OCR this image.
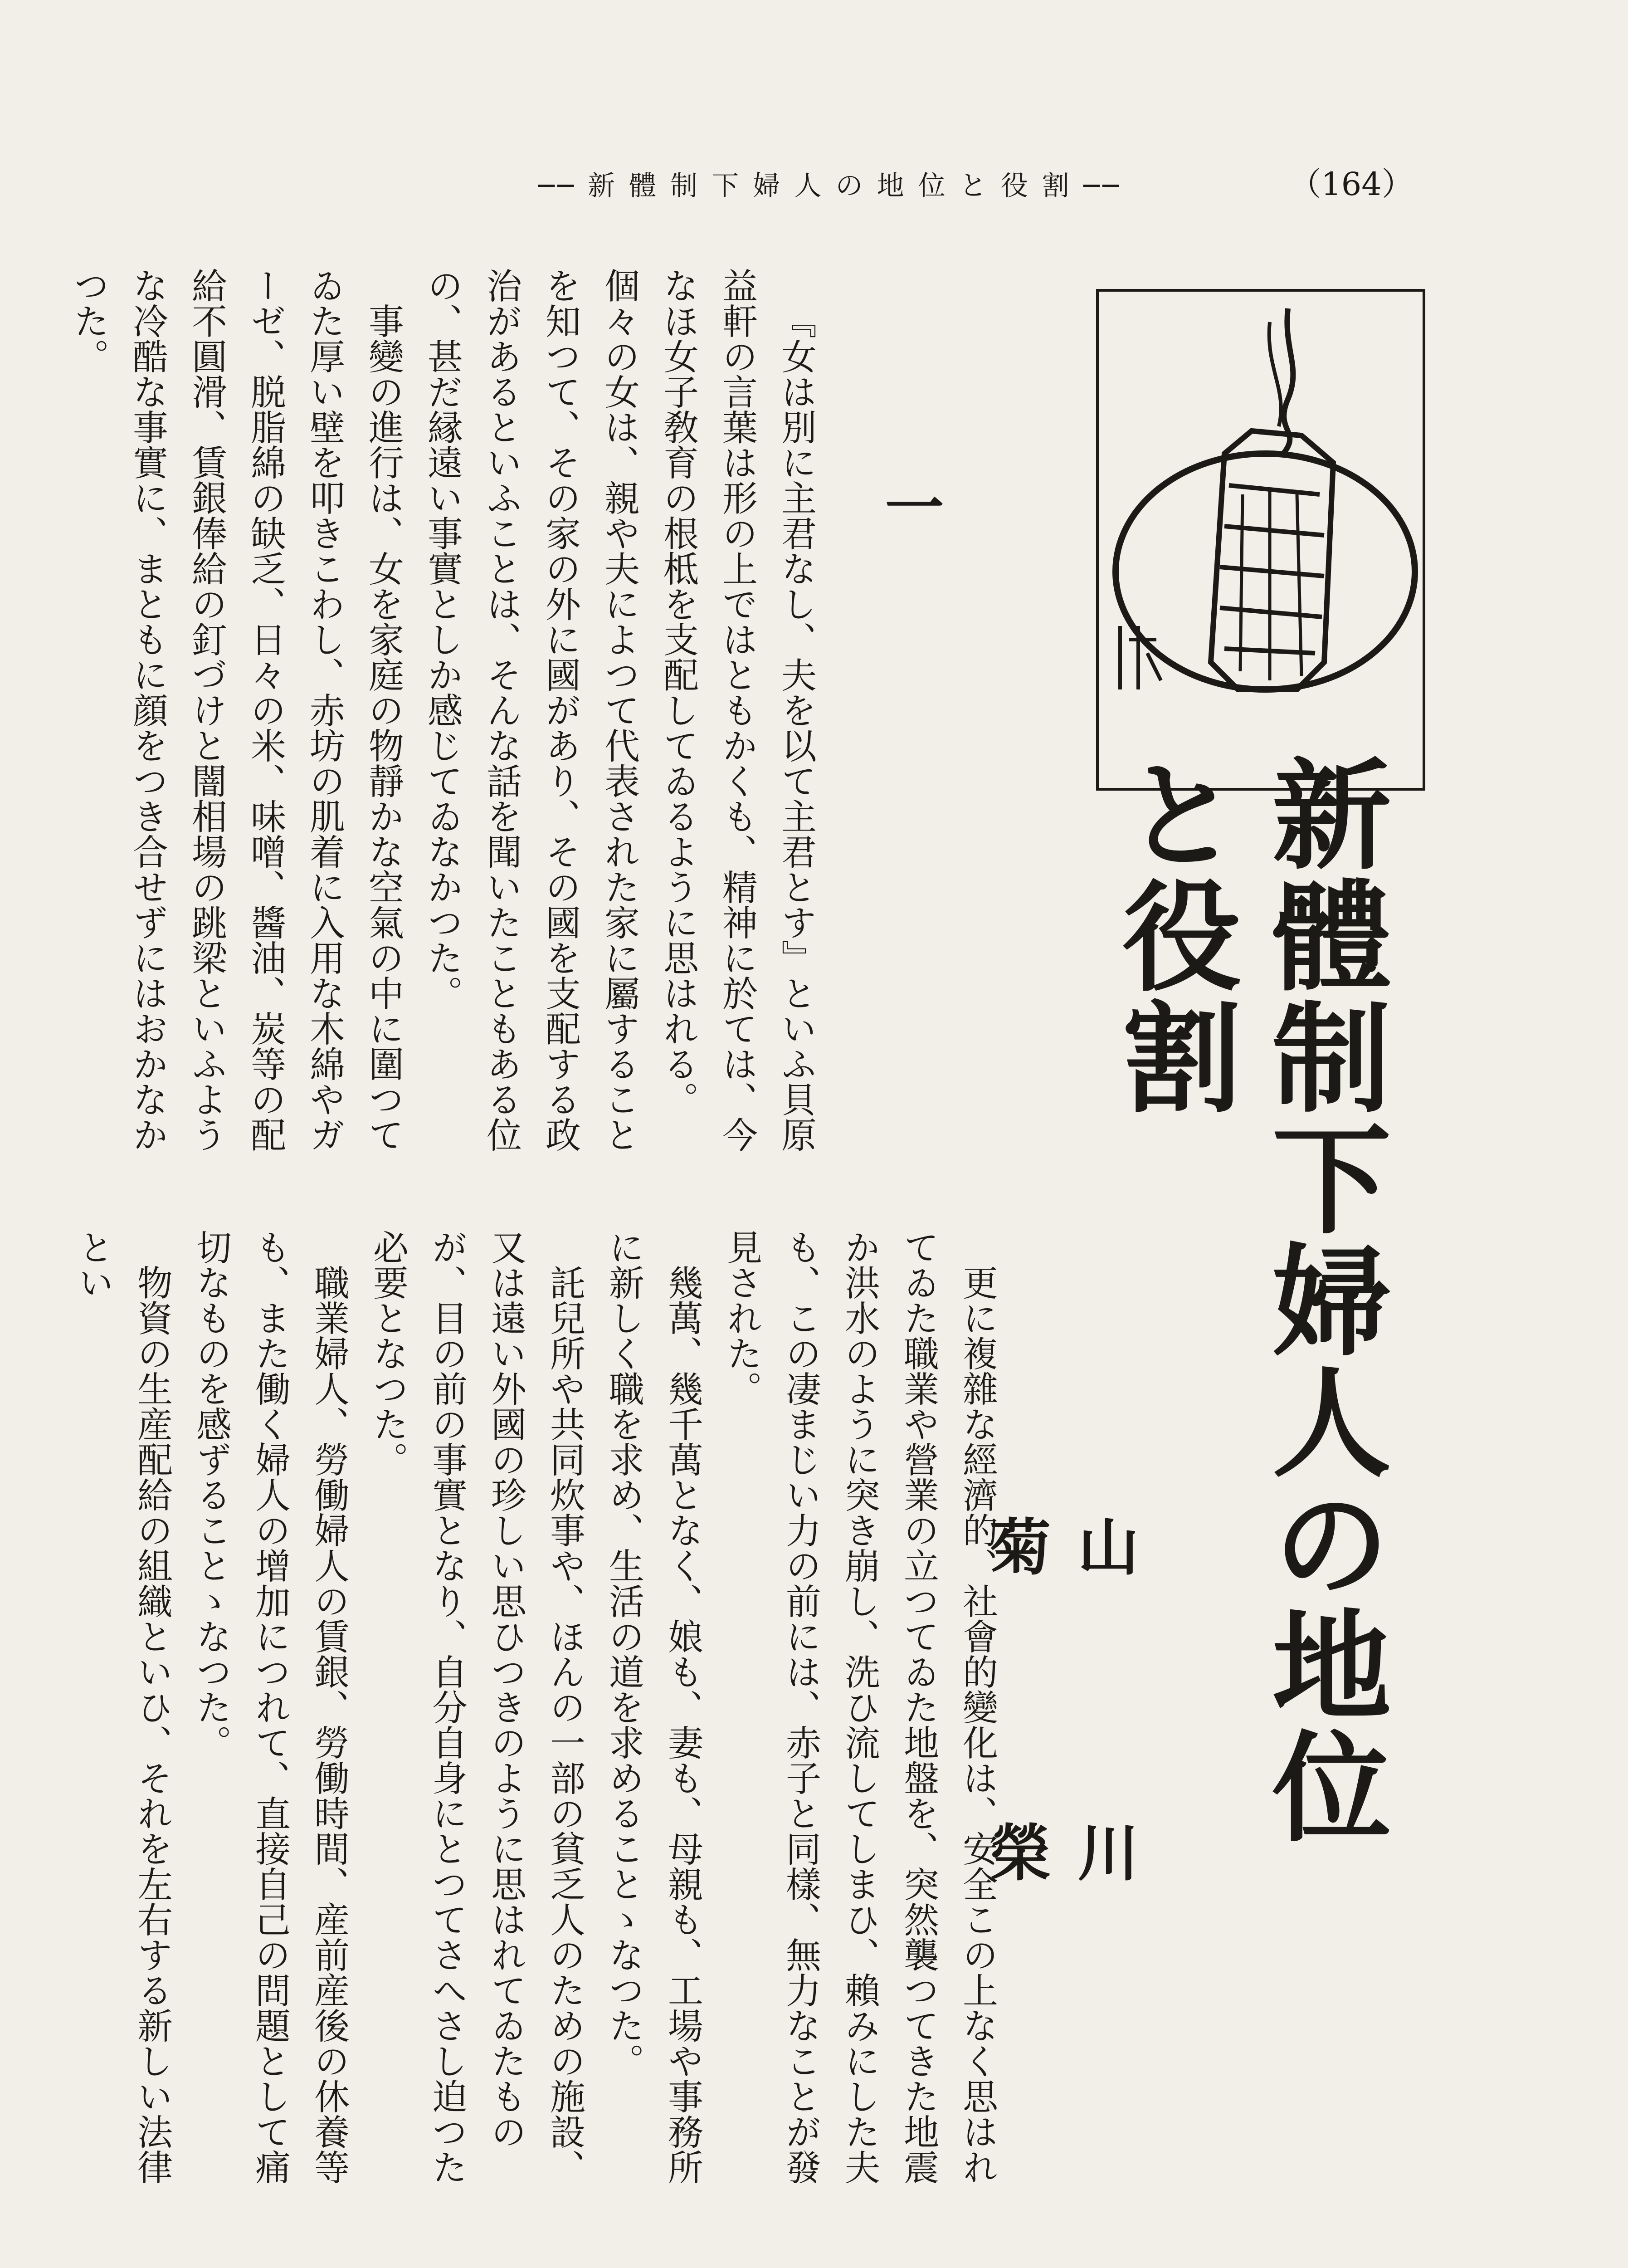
── 新 體 制 下 婦 人 の 地 位 と 役 割 ──	（164）
新體制下婦人の地位と役割
山 川 菊 榮
一

『女は別に主君なし、夫を以て主君とす』といふ貝原益軒の言葉は形の上ではともかくも、精神に於ては、今なほ女子敎育の根柢を支配してゐるように思はれる。個々の女は、親や夫によつて代表された家に屬することを知つて、その家の外に國があり、その國を支配する政治があるといふことは、そんな話を聞いたこともある位の、甚だ縁遠い事實としか感じてゐなかつた。

事變の進行は、女を家庭の物靜かな空氣の中に圍つてゐた厚い壁を叩きこわし、赤坊の肌着に入用な木綿やガーゼ、脱脂綿の缺乏、日々の米、味噌、醬油、炭等の配給不圓滑、賃銀俸給の釘づけと闇相場の跳梁といふような冷酷な事實に、まともに顔をつき合せずにはおかなかつた。

更に複雜な經濟的、社會的變化は、安全この上なく思はれてゐた職業や營業の立つてゐた地盤を、突然襲つてきた地震か洪水のように突き崩し、洗ひ流してしまひ、賴みにした夫も、この凄まじい力の前には、赤子と同樣、無力なことが發見された。

幾萬、幾千萬となく、娘も、妻も、母親も、工場や事務所に新しく職を求め、生活の道を求めることゝなつた。

託兒所や共同炊事や、ほんの一部の貧乏人のための施設、又は遠い外國の珍しい思ひつきのように思はれてゐたものが、目の前の事實となり、自分自身にとつてさへさし迫つた必要となつた。

職業婦人、勞働婦人の賃銀、勞働時間、産前産後の休養等も、また働く婦人の增加につれて、直接自己の問題として痛切なものを感ずることゝなつた。

物資の生産配給の組織といひ、それを左右する新しい法律とい
